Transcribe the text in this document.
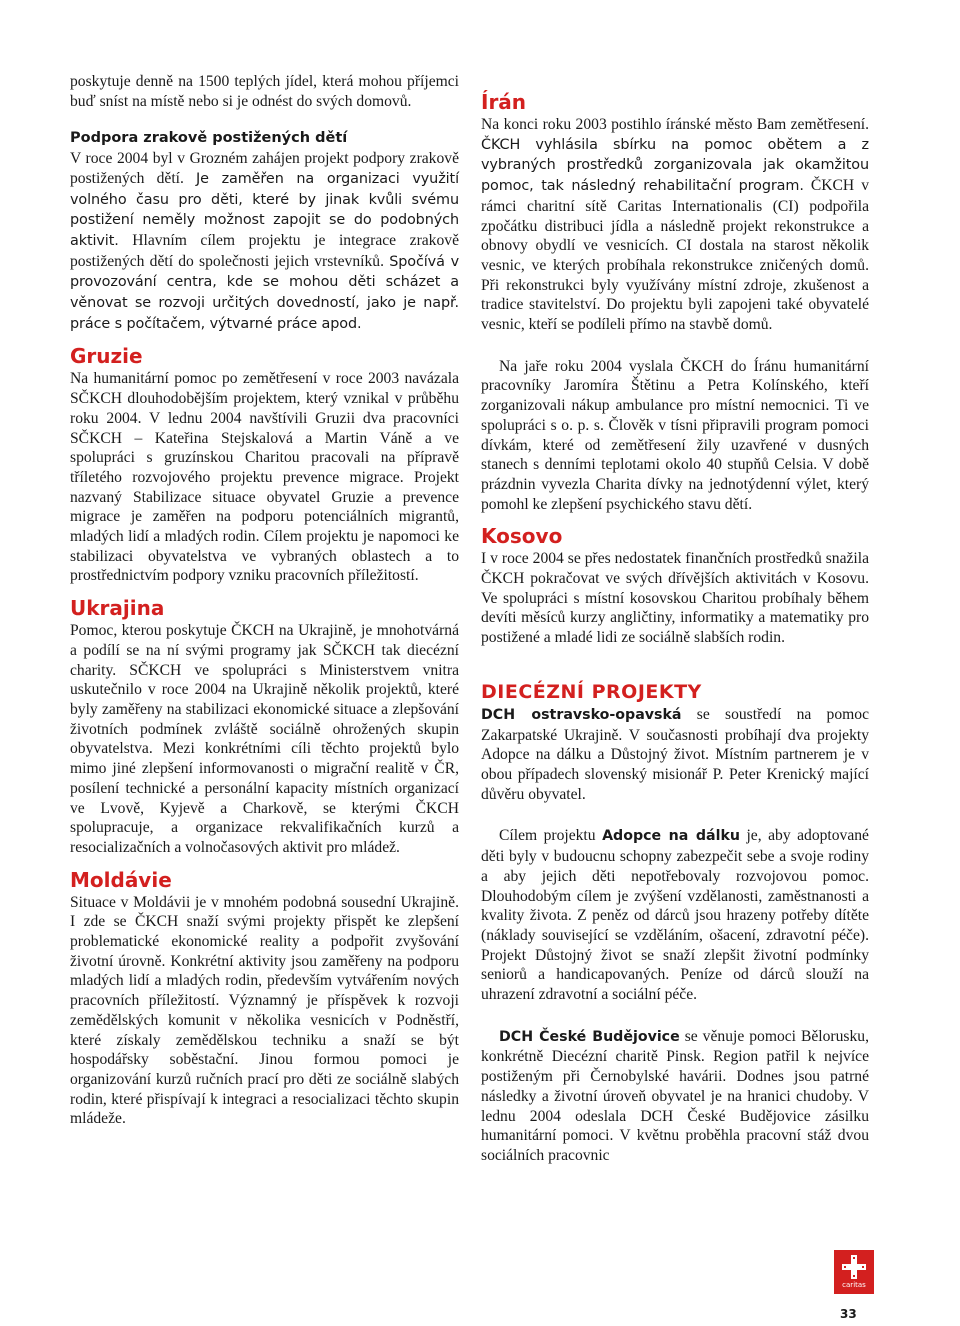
poskytuje denně na 1500 teplých jídel, která mohou příjemci buď sníst na místě nebo si je odnést do svých domovů.

Podpora zrakově postižených dětí

V roce 2004 byl v Grozném zahájen projekt podpory zrakově postižených dětí. Je zaměřen na organizaci využití volného času pro děti, které by jinak kvůli svému postižení neměly možnost zapojit se do podobných aktivit. Hlavním cílem projektu je integrace zrakově postižených dětí do společnosti jejich vrstevníků. Spočívá v provozování centra, kde se mohou děti scházet a věnovat se rozvoji určitých dovedností, jako je např. práce s počítačem, výtvarné práce apod.

Gruzie

Na humanitární pomoc po zemětřesení v roce 2003 navázala SČKCH dlouhodobějším projektem, který vznikal v průběhu roku 2004. V lednu 2004 navštívili Gruzii dva pracovníci SČKCH – Kateřina Stejskalová a Martin Váně a ve spolupráci s gruzínskou Charitou pracovali na přípravě tříletého rozvojového projektu prevence migrace. Projekt nazvaný Stabilizace situace obyvatel Gruzie a prevence migrace je zaměřen na podporu potenciálních migrantů, mladých lidí a mladých rodin. Cílem projektu je napomoci ke stabilizaci obyvatelstva ve vybraných oblastech a to prostřednictvím podpory vzniku pracovních příležitostí.

Ukrajina

Pomoc, kterou poskytuje ČKCH na Ukrajině, je mnohotvárná a podílí se na ní svými programy jak SČKCH tak diecézní charity. SČKCH ve spolupráci s Ministerstvem vnitra uskutečnilo v roce 2004 na Ukrajině několik projektů, které byly zaměřeny na stabilizaci ekonomické situace a zlepšování životních podmínek zvláště sociálně ohrožených skupin obyvatelstva. Mezi konkrétními cíli těchto projektů bylo mimo jiné zlepšení informovanosti o migrační realitě v ČR, posílení technické a personální kapacity místních organizací ve Lvově, Kyjevě a Charkově, se kterými ČKCH spolupracuje, a organizace rekvalifikačních kurzů a resocializačních a volnočasových aktivit pro mládež.

Moldávie

Situace v Moldávii je v mnohém podobná sousední Ukrajině. I zde se ČKCH snaží svými projekty přispět ke zlepšení problematické ekonomické reality a podpořit zvyšování životní úrovně. Konkrétní aktivity jsou zaměřeny na podporu mladých lidí a mladých rodin, především vytvářením nových pracovních příležitostí. Významný je příspěvek k rozvoji zemědělských komunit v několika vesnicích v Podněstří, které získaly zemědělskou techniku a snaží se být hospodářsky soběstační. Jinou formou pomoci je organizování kurzů ručních prací pro děti ze sociálně slabých rodin, které přispívají k integraci a resocializaci těchto skupin mládeže.

Írán

Na konci roku 2003 postihlo íránské město Bam zemětřesení. ČKCH vyhlásila sbírku na pomoc obětem a z vybraných prostředků zorganizovala jak okamžitou pomoc, tak následný rehabilitační program. ČKCH v rámci charitní sítě Caritas Internationalis (CI) podpořila zpočátku distribuci jídla a následně projekt rekonstrukce a obnovy obydlí ve vesnicích. CI dostala na starost několik vesnic, ve kterých probíhala rekonstrukce zničených domů. Při rekonstrukci byly využívány místní zdroje, zkušenost a tradice stavitelství. Do projektu byli zapojeni také obyvatelé vesnic, kteří se podíleli přímo na stavbě domů.

Na jaře roku 2004 vyslala ČKCH do Íránu humanitární pracovníky Jaromíra Štětinu a Petra Kolínského, kteří zorganizovali nákup ambulance pro místní nemocnici. Ti ve spolupráci s o. p. s. Člověk v tísni připravili program pomoci dívkám, které od zemětřesení žily uzavřené v dusných stanech s denními teplotami okolo 40 stupňů Celsia. V době prázdnin vyvezla Charita dívky na jednotýdenní výlet, který pomohl ke zlepšení psychického stavu dětí.

Kosovo

I v roce 2004 se přes nedostatek finančních prostředků snažila ČKCH pokračovat ve svých dřívějších aktivitách v Kosovu. Ve spolupráci s místní kosovskou Charitou probíhaly během devíti měsíců kurzy angličtiny, informatiky a matematiky pro postižené a mladé lidi ze sociálně slabších rodin.

DIECÉZNÍ PROJEKTY

DCH ostravsko-opavská se soustředí na pomoc Zakarpatské Ukrajině. V současnosti probíhají dva projekty Adopce na dálku a Důstojný život. Místním partnerem je v obou případech slovenský misionář P. Peter Krenický mající důvěru obyvatel.

Cílem projektu Adopce na dálku je, aby adoptované děti byly v budoucnu schopny zabezpečit sebe a svoje rodiny a aby jejich děti nepotřebovaly rozvojovou pomoc. Dlouhodobým cílem je zvýšení vzdělanosti, zaměstnanosti a kvality života. Z peněz od dárců jsou hrazeny potřeby dítěte (náklady související se vzděláním, ošacení, zdravotní péče). Projekt Důstojný život se snaží zlepšit životní podmínky seniorů a handicapovaných. Peníze od dárců slouží na uhrazení zdravotní a sociální péče.

DCH České Budějovice se věnuje pomoci Bělorusku, konkrétně Diecézní charitě Pinsk. Region patřil k nejvíce postiženým při Černobylské havárii. Dodnes jsou patrné následky a životní úroveň obyvatel je na hranici chudoby. V lednu 2004 odeslala DCH České Budějovice zásilku humanitární pomoci. V květnu proběhla pracovní stáž dvou sociálních pracovnic

caritas
33
